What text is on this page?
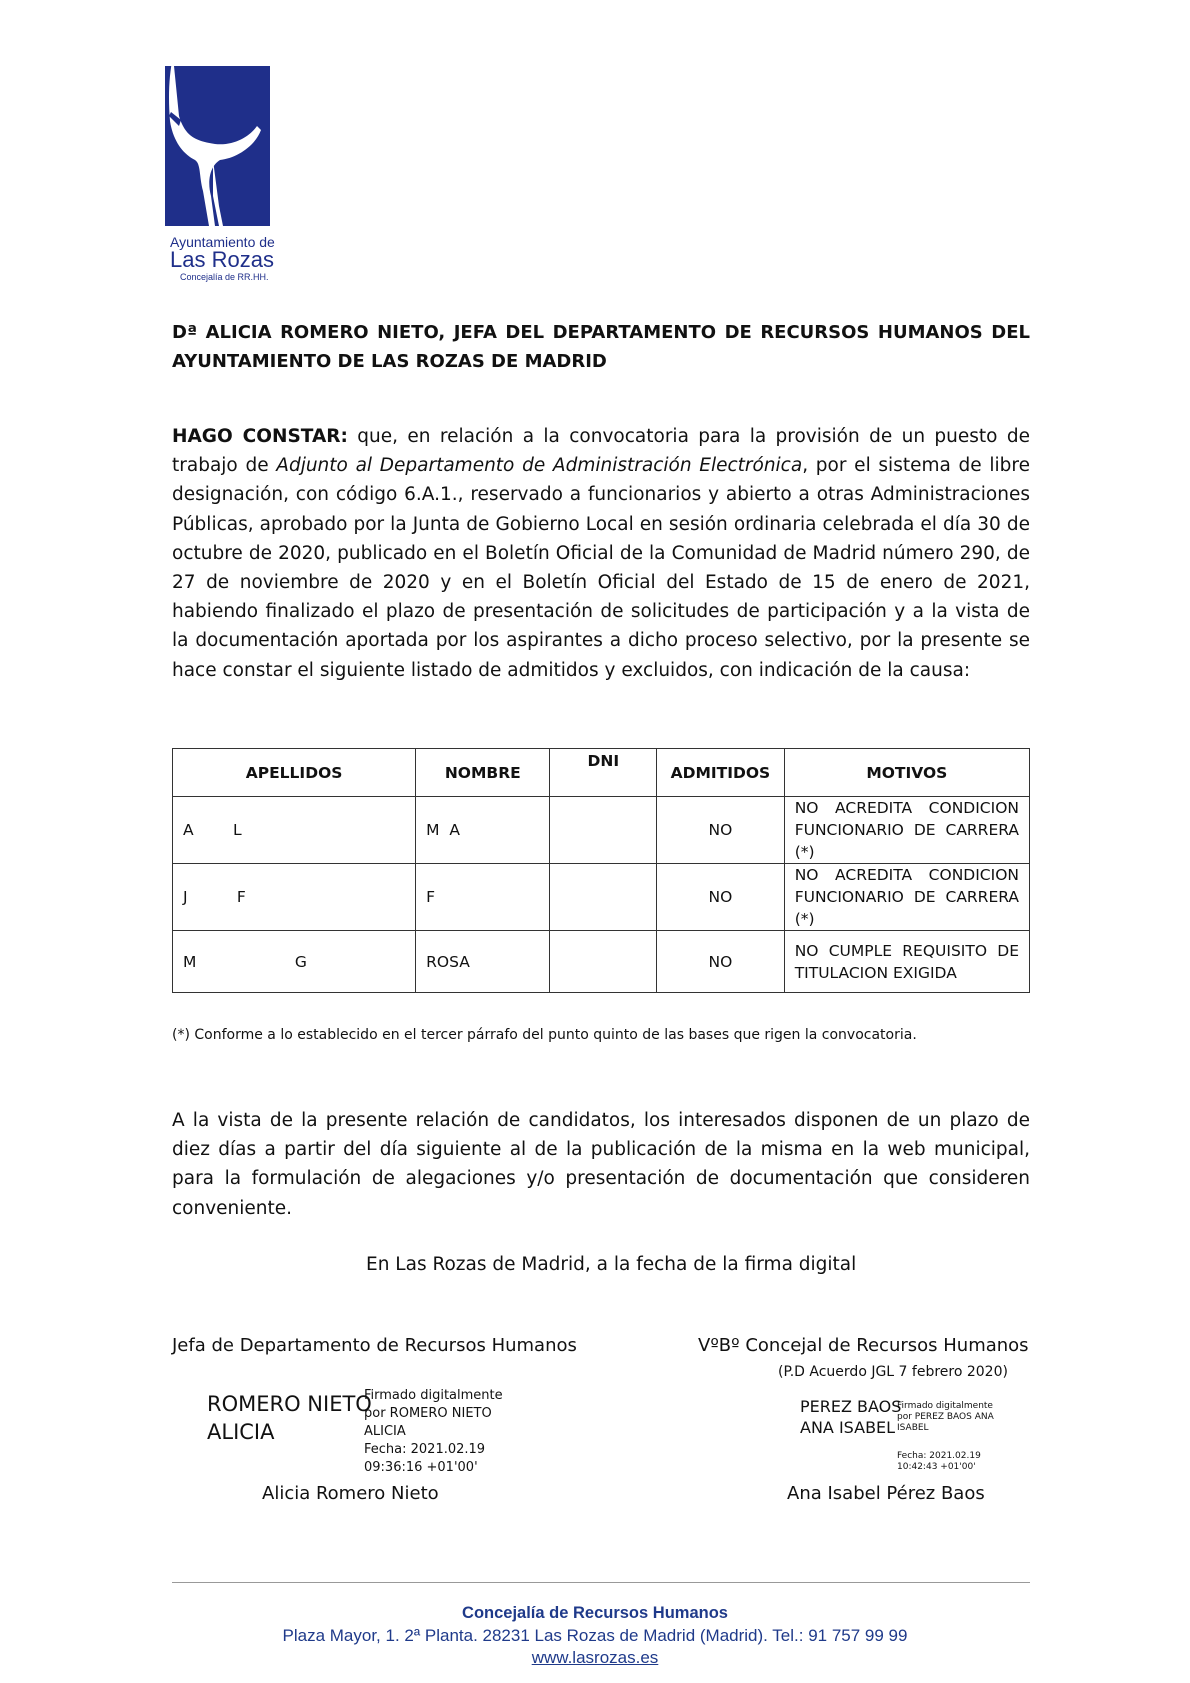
Ayuntamiento de
Las Rozas
Concejalía de RR.HH.
Dª ALICIA ROMERO NIETO, JEFA DEL DEPARTAMENTO DE RECURSOS HUMANOS DEL AYUNTAMIENTO DE LAS ROZAS DE MADRID
HAGO CONSTAR: que, en relación a la convocatoria para la provisión de un puesto de trabajo de Adjunto al Departamento de Administración Electrónica, por el sistema de libre designación, con código 6.A.1., reservado a funcionarios y abierto a otras Administraciones Públicas, aprobado por la Junta de Gobierno Local en sesión ordinaria celebrada el día 30 de octubre de 2020, publicado en el Boletín Oficial de la Comunidad de Madrid número 290, de 27 de noviembre de 2020 y en el Boletín Oficial del Estado de 15 de enero de 2021, habiendo finalizado el plazo de presentación de solicitudes de participación y a la vista de la documentación aportada por los aspirantes a dicho proceso selectivo, por la presente se hace constar el siguiente listado de admitidos y excluidos, con indicación de la causa:
APELLIDOS	NOMBRE	DNI	ADMITIDOS	MOTIVOS
A        L	M  A		NO	NO ACREDITA CONDICION FUNCIONARIO DE CARRERA (*)
J          F	F		NO	NO ACREDITA CONDICION FUNCIONARIO DE CARRERA (*)
M                    G	ROSA		NO	NO CUMPLE REQUISITO DE TITULACION EXIGIDA
(*) Conforme a lo establecido en el tercer párrafo del punto quinto de las bases que rigen la convocatoria.
A la vista de la presente relación de candidatos, los interesados disponen de un plazo de diez días a partir del día siguiente al de la publicación de la misma en la web municipal, para la formulación de alegaciones y/o presentación de documentación que consideren conveniente.
En Las Rozas de Madrid, a la fecha de la firma digital
Jefa de Departamento de Recursos Humanos	VºBº Concejal de Recursos Humanos
(P.D Acuerdo JGL 7 febrero 2020)
ROMERO NIETO
ALICIA
Firmado digitalmente
por ROMERO NIETO
ALICIA
Fecha: 2021.02.19
09:36:16 +01'00'
PEREZ BAOS
ANA ISABEL
Firmado digitalmente
por PEREZ BAOS ANA
ISABEL
Fecha: 2021.02.19
10:42:43 +01'00'
Alicia Romero Nieto	Ana Isabel Pérez Baos
Concejalía de Recursos Humanos
Plaza Mayor, 1. 2ª Planta. 28231 Las Rozas de Madrid (Madrid). Tel.: 91 757 99 99
www.lasrozas.es
